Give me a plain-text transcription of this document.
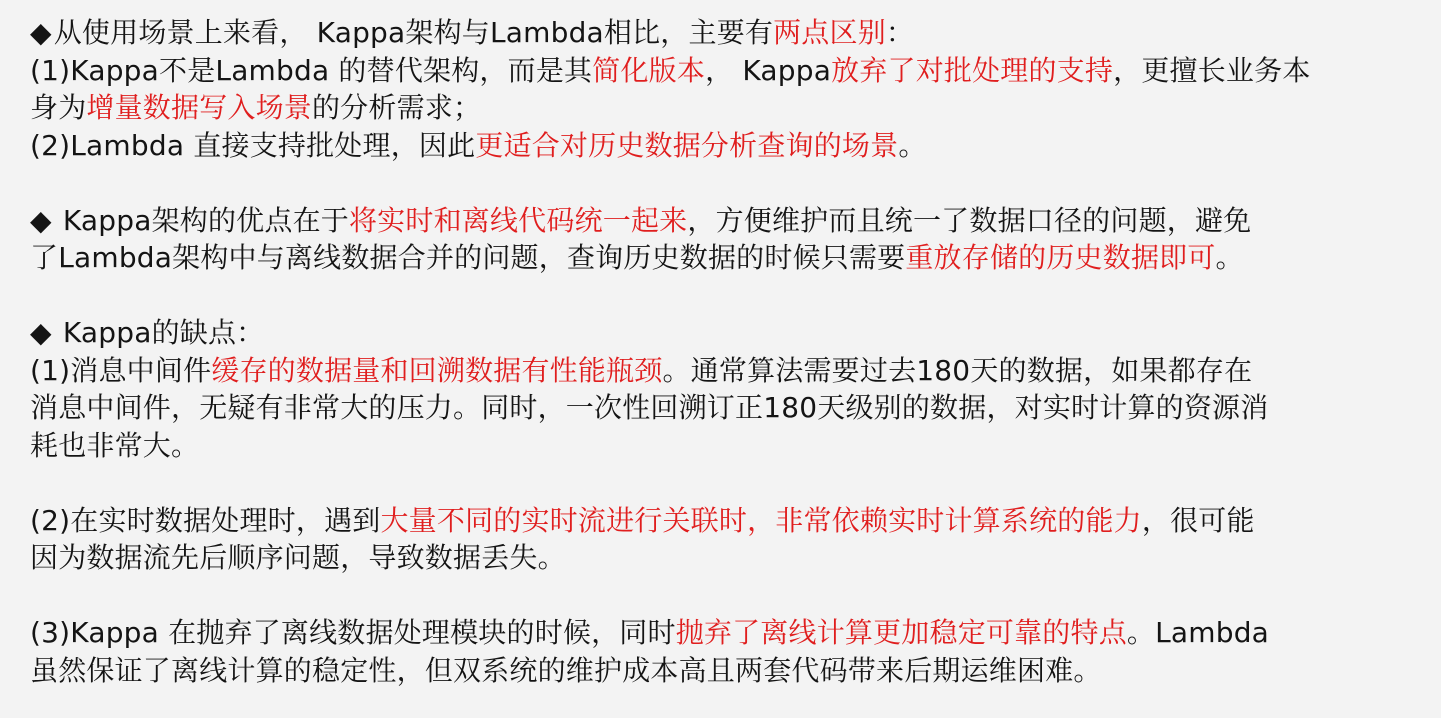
◆从使用场景上来看， Kappa架构与Lambda相比，主要有两点区别：
(1)Kappa不是Lambda 的替代架构，而是其简化版本， Kappa放弃了对批处理的支持，更擅长业务本
身为增量数据写入场景的分析需求；
(2)Lambda 直接支持批处理，因此更适合对历史数据分析查询的场景。
◆ Kappa架构的优点在于将实时和离线代码统一起来，方便维护而且统一了数据口径的问题，避免
了Lambda架构中与离线数据合并的问题，查询历史数据的时候只需要重放存储的历史数据即可。
◆ Kappa的缺点：
(1)消息中间件缓存的数据量和回溯数据有性能瓶颈。通常算法需要过去180天的数据，如果都存在
消息中间件，无疑有非常大的压力。同时，一次性回溯订正180天级别的数据，对实时计算的资源消
耗也非常大。
(2)在实时数据处理时，遇到大量不同的实时流进行关联时，非常依赖实时计算系统的能力，很可能
因为数据流先后顺序问题，导致数据丢失。
(3)Kappa 在抛弃了离线数据处理模块的时候，同时抛弃了离线计算更加稳定可靠的特点。Lambda
虽然保证了离线计算的稳定性，但双系统的维护成本高且两套代码带来后期运维困难。
